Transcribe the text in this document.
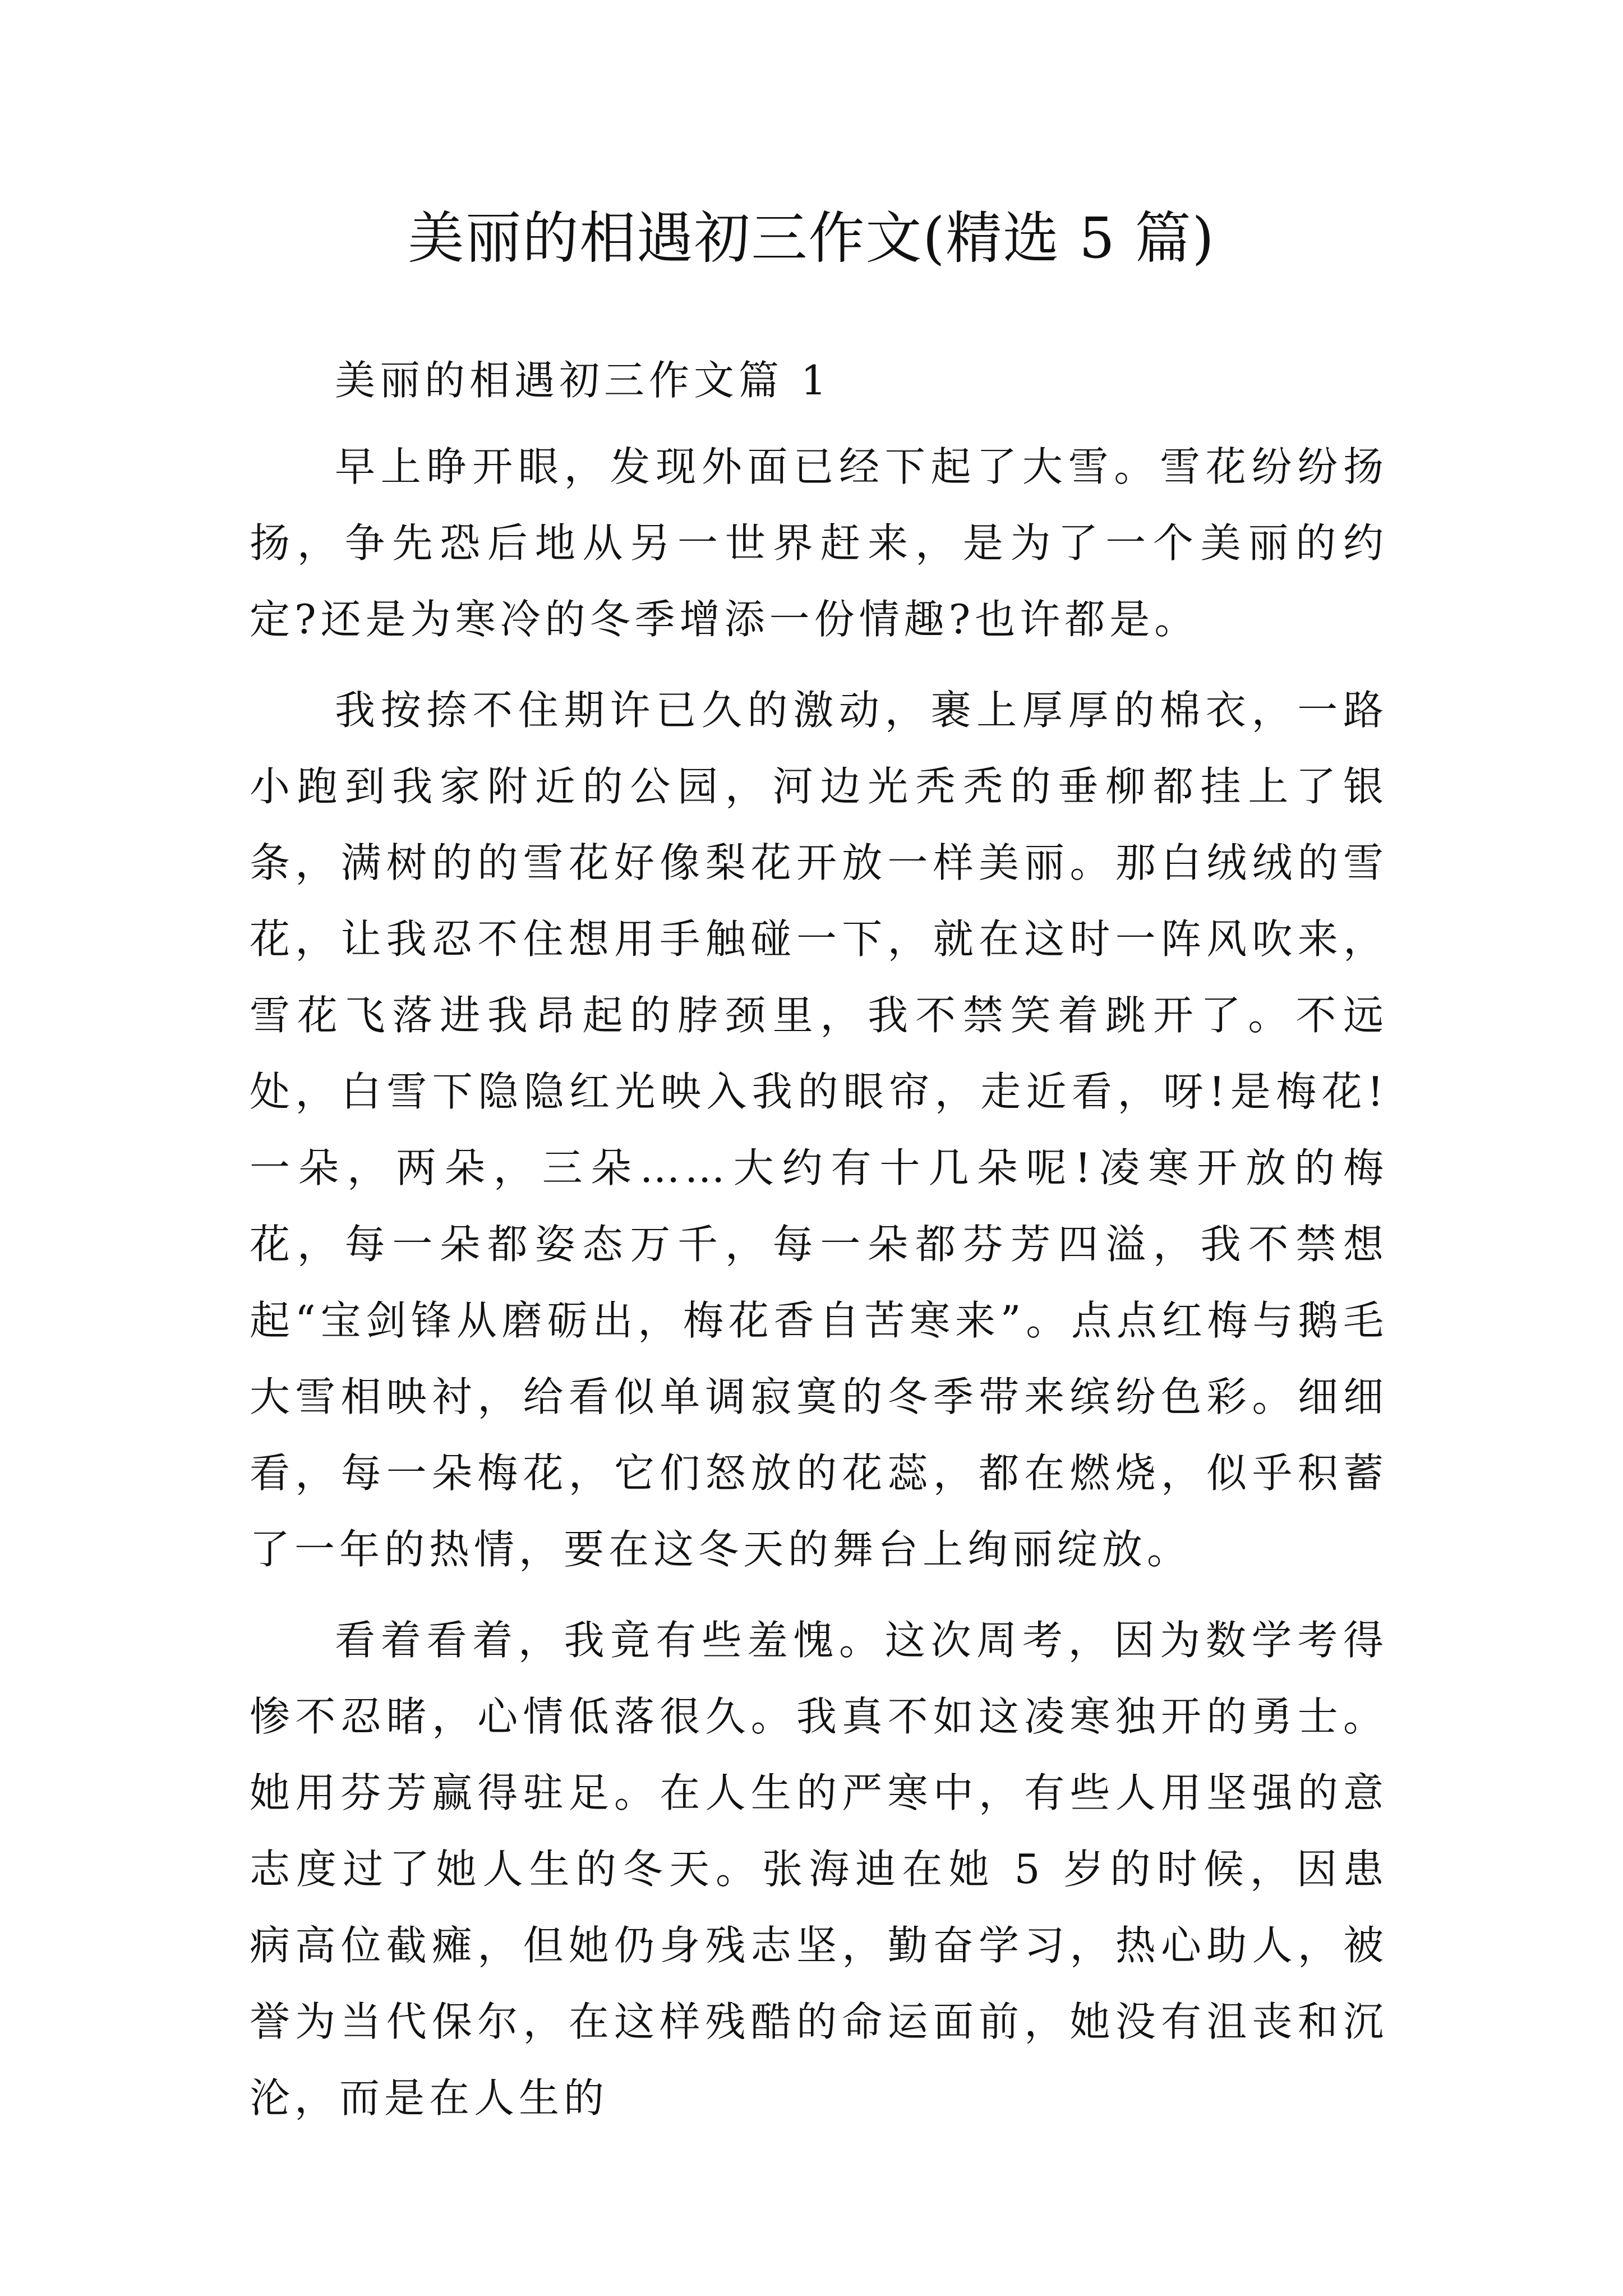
美丽的相遇初三作文(精选 5 篇)

美丽的相遇初三作文篇 1

早上睁开眼，发现外面已经下起了大雪。雪花纷纷扬扬，争先恐后地从另一世界赶来，是为了一个美丽的约定?还是为寒冷的冬季增添一份情趣?也许都是。

我按捺不住期许已久的激动，裹上厚厚的棉衣，一路小跑到我家附近的公园，河边光秃秃的垂柳都挂上了银条，满树的的雪花好像梨花开放一样美丽。那白绒绒的雪花，让我忍不住想用手触碰一下，就在这时一阵风吹来，雪花飞落进我昂起的脖颈里，我不禁笑着跳开了。不远处，白雪下隐隐红光映入我的眼帘，走近看，呀!是梅花!一朵，两朵，三朵……大约有十几朵呢!凌寒开放的梅花，每一朵都姿态万千，每一朵都芬芳四溢，我不禁想起“宝剑锋从磨砺出，梅花香自苦寒来”。点点红梅与鹅毛大雪相映衬，给看似单调寂寞的冬季带来缤纷色彩。细细看，每一朵梅花，它们怒放的花蕊，都在燃烧，似乎积蓄了一年的热情，要在这冬天的舞台上绚丽绽放。

看着看着，我竟有些羞愧。这次周考，因为数学考得惨不忍睹，心情低落很久。我真不如这凌寒独开的勇士。她用芬芳赢得驻足。在人生的严寒中，有些人用坚强的意志度过了她人生的冬天。张海迪在她 5 岁的时候，因患病高位截瘫，但她仍身残志坚，勤奋学习，热心助人，被誉为当代保尔，在这样残酷的命运面前，她没有沮丧和沉沦，而是在人生的
